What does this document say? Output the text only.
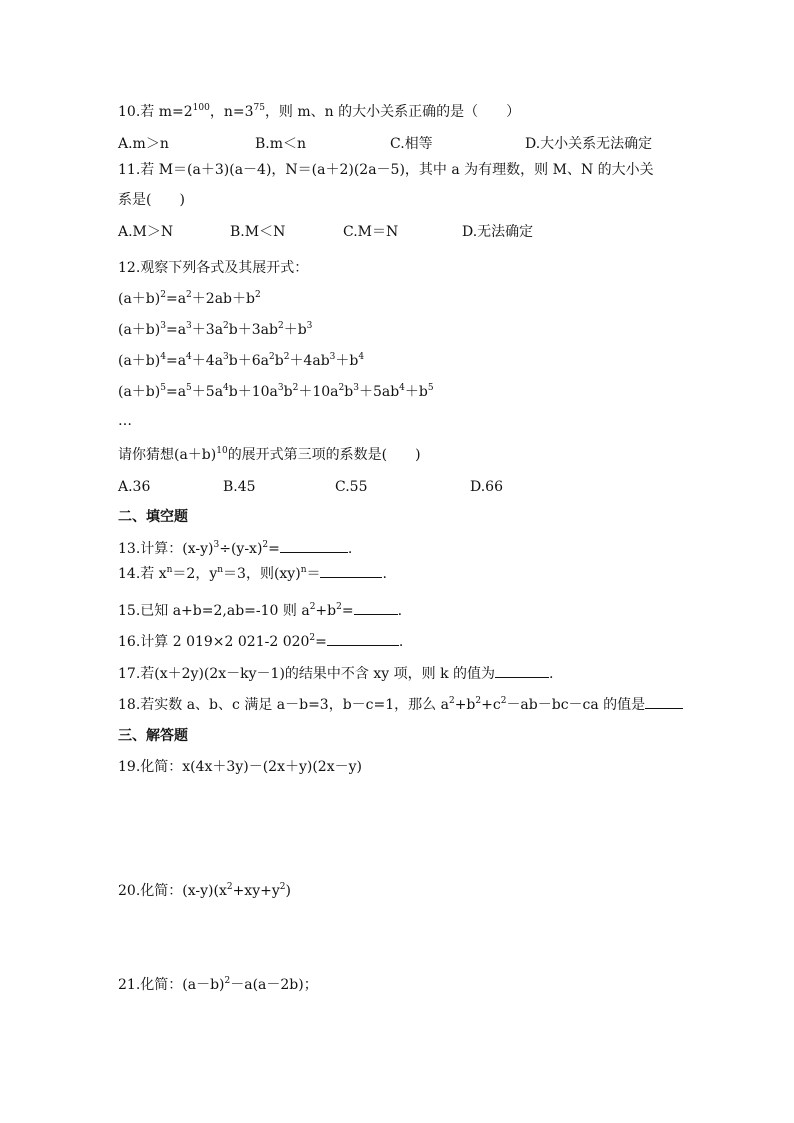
10.若 $m=2^{100}$，$n=3^{75}$，则 m、n 的大小关系正确的是（　　）
A.m＞n	B.m＜n	C.相等	D.大小关系无法确定
11.若 M＝(a＋3)(a－4)，N＝(a＋2)(2a－5)，其中 a 为有理数，则 M、N 的大小关
系是(　　)
A.M＞N	B.M＜N	C.M＝N	D.无法确定
12.观察下列各式及其展开式：
$(a+b)^2=a^2+2ab+b^2$
$(a+b)^3=a^3+3a^2b+3ab^2+b^3$
$(a+b)^4=a^4+4a^3b+6a^2b^2+4ab^3+b^4$
$(a+b)^5=a^5+5a^4b+10a^3b^2+10a^2b^3+5ab^4+b^5$
…
请你猜想$(a+b)^{10}$的展开式第三项的系数是(　　)
A.36	B.45	C.55	D.66
二、填空题
13.计算：$(x-y)^3\div(y-x)^2=$	.
14.若 $x^n=2$，$y^n=3$，则(xy)$^n$＝	.
15.已知 a+b=2,ab=-10 则 $a^2+b^2=$	.
16.计算 2 019×2 021-2 $020^2=$	.
17.若(x＋2y)(2x－ky－1)的结果中不含 xy 项，则 k 的值为	.
18.若实数 a、b、c 满足 a－b=3，b－c=1，那么 $a^2+b^2+c^2-ab-bc-ca$ 的值是
三、解答题
19.化简：x(4x＋3y)－(2x＋y)(2x－y)
20.化简：$(x-y)(x^2+xy+y^2)$
21.化简：$(a-b)^2-a(a-2b)$；
